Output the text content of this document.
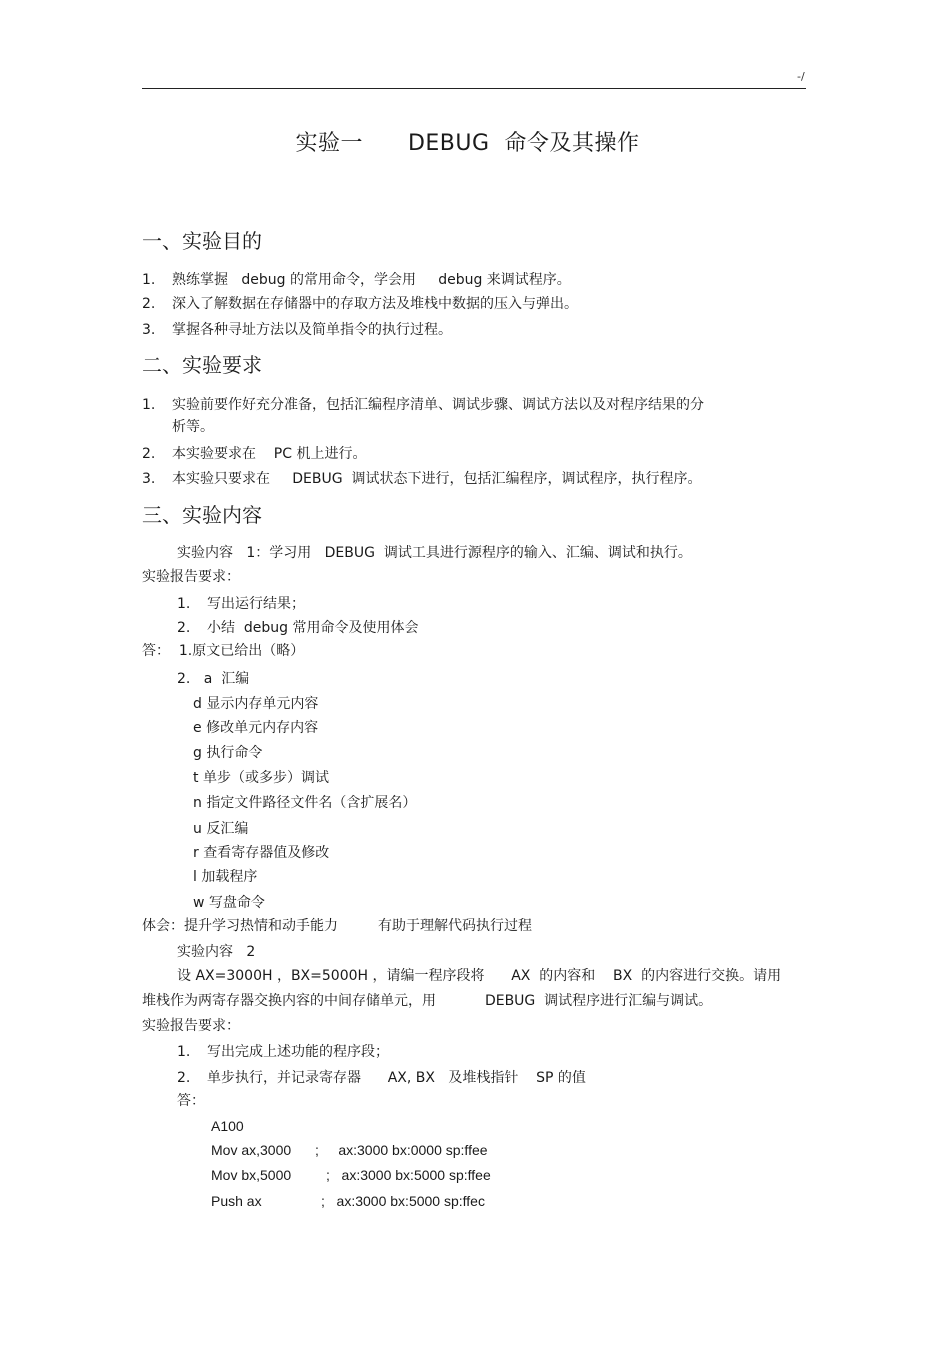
-/
实验一      DEBUG  命令及其操作
一、实验目的
1. 熟练掌握   debug 的常用命令，学会用     debug 来调试程序。
2. 深入了解数据在存储器中的存取方法及堆栈中数据的压入与弹出。
3. 掌握各种寻址方法以及简单指令的执行过程。
二、实验要求
1. 实验前要作好充分准备，包括汇编程序清单、调试步骤、调试方法以及对程序结果的分
析等。
2. 本实验要求在    PC 机上进行。
3. 本实验只要求在     DEBUG  调试状态下进行，包括汇编程序，调试程序，执行程序。
三、实验内容
实验内容   1：学习用   DEBUG  调试工具进行源程序的输入、汇编、调试和执行。
实验报告要求：
1. 写出运行结果；
2. 小结  debug 常用命令及使用体会
答：  1.原文已给出（略）
2.   a  汇编
d 显示内存单元内容
e 修改单元内存内容
g 执行命令
t 单步（或多步）调试
n 指定文件路径文件名（含扩展名）
u 反汇编
r 查看寄存器值及修改
l 加载程序
w 写盘命令
体会：提升学习热情和动手能力         有助于理解代码执行过程
实验内容   2
设 AX=3000H ，BX=5000H ，请编一程序段将      AX  的内容和    BX  的内容进行交换。请用
堆栈作为两寄存器交换内容的中间存储单元，用           DEBUG  调试程序进行汇编与调试。
实验报告要求：
1. 写出完成上述功能的程序段；
2. 单步执行，并记录寄存器      AX, BX   及堆栈指针    SP 的值
答：
A100
Mov ax,3000 ;     ax:3000 bx:0000 sp:ffee
Mov bx,5000 ;   ax:3000 bx:5000 sp:ffee
Push ax	;   ax:3000 bx:5000 sp:ffec
